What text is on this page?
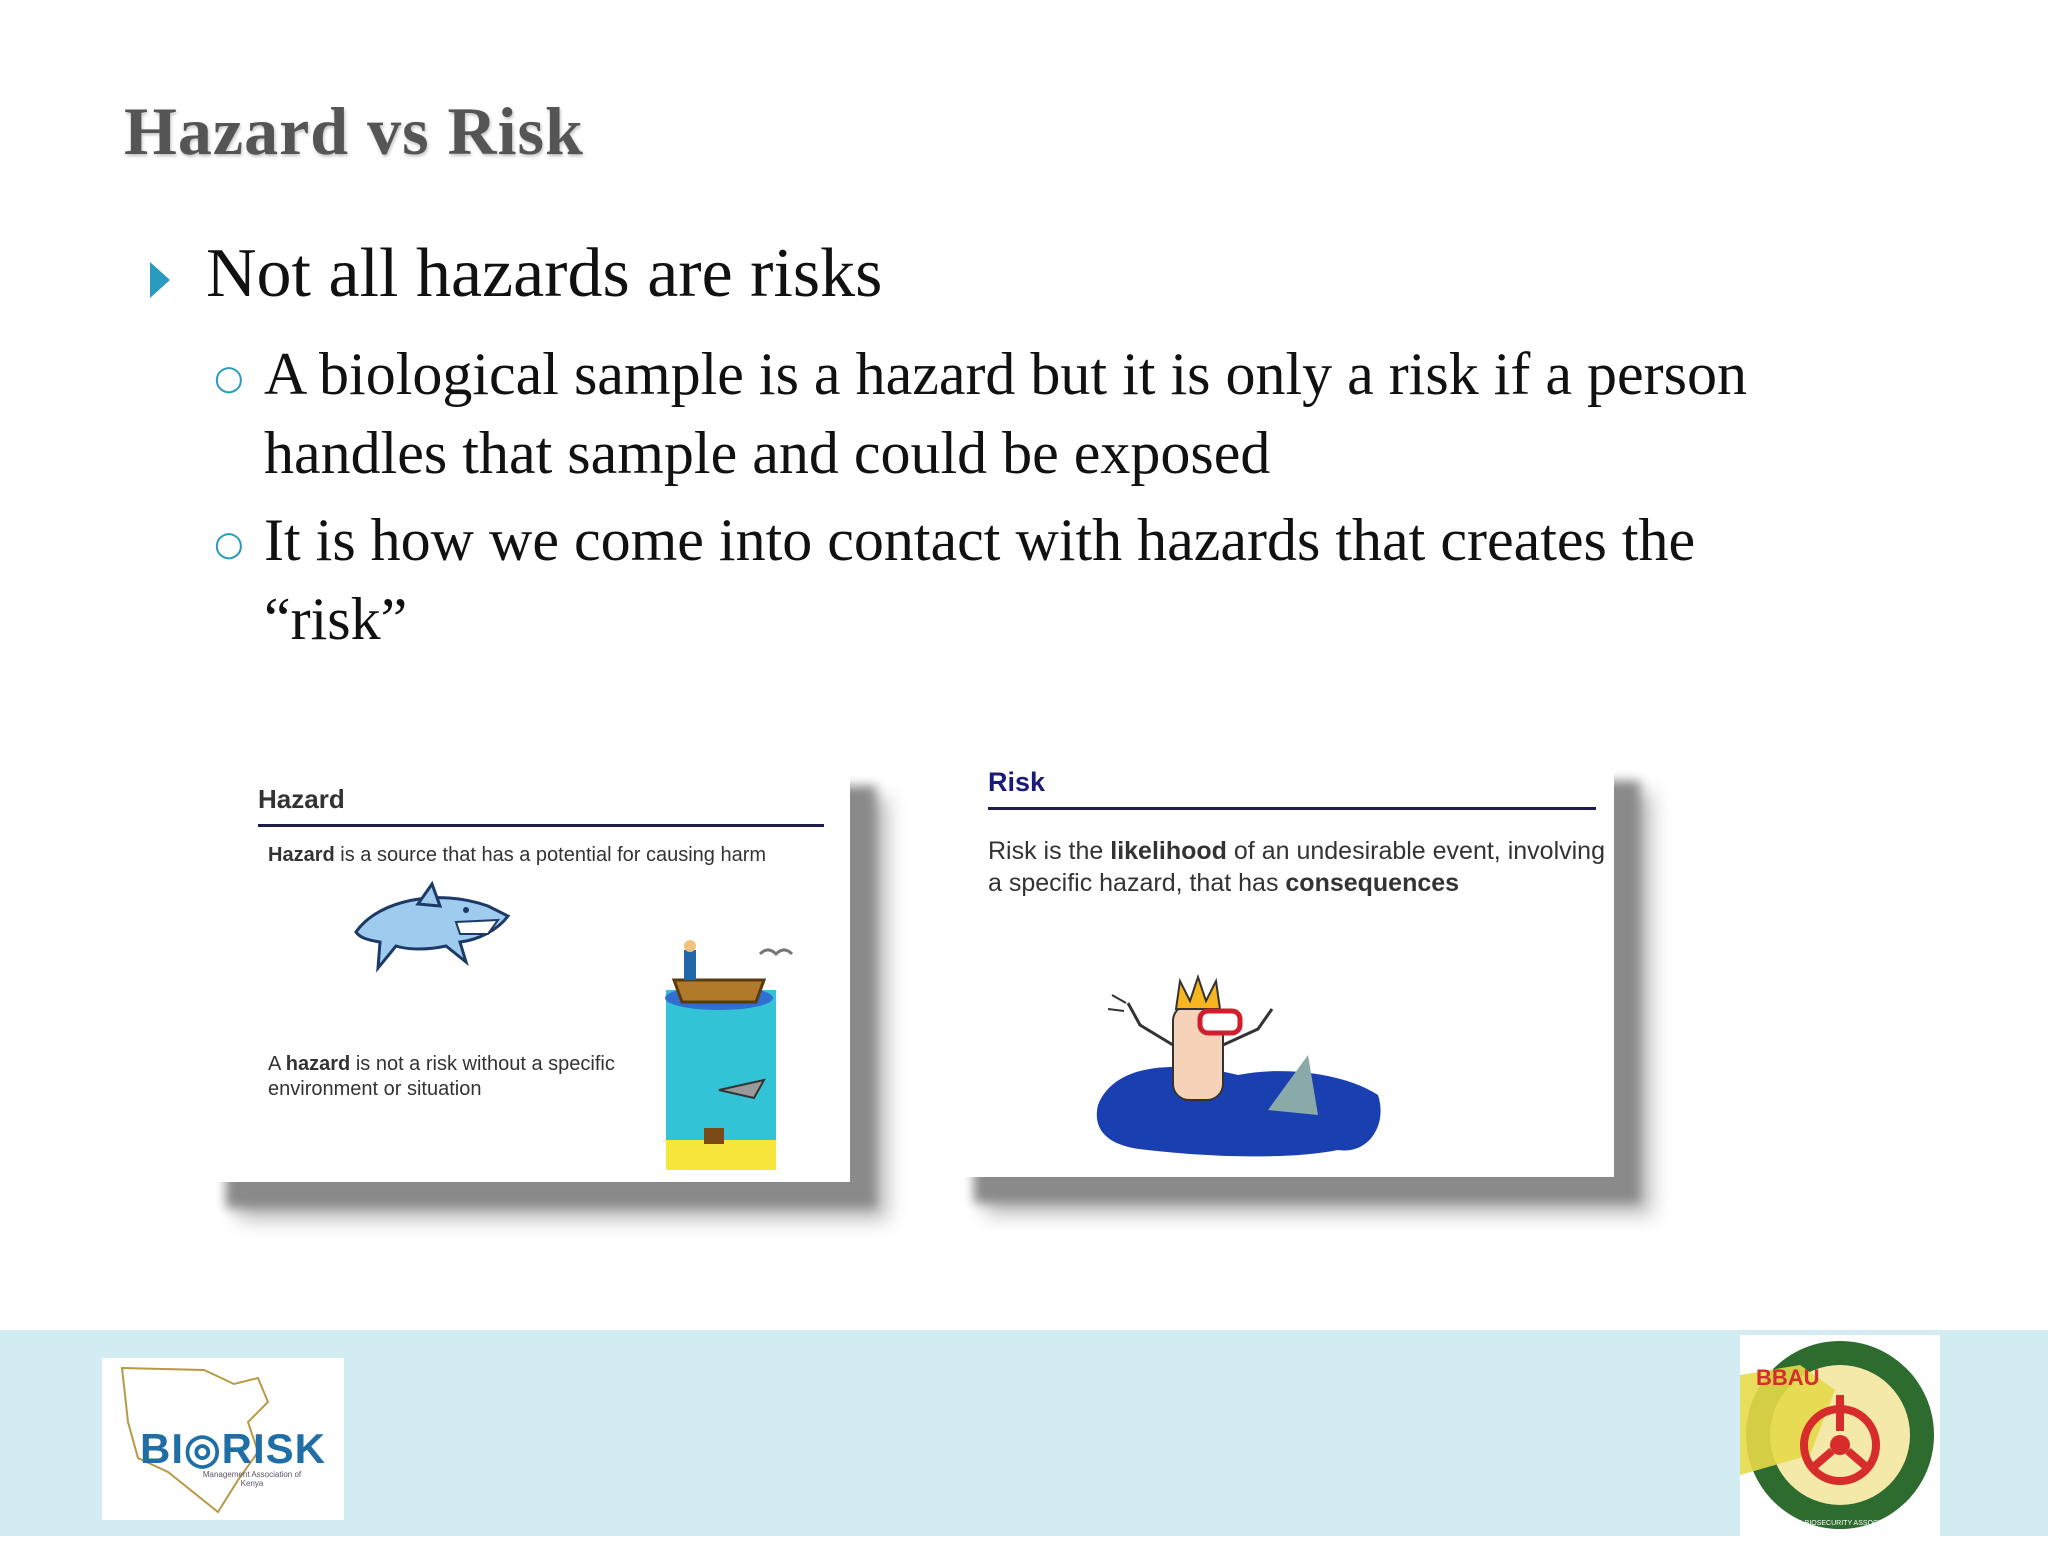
Hazard vs Risk
Not all hazards are risks
○ A biological sample is a hazard but it is only a risk if a person handles that sample and could be exposed
○ It is how we come into contact with hazards that creates the “risk”
Hazard
Hazard is a source that has a potential for causing harm
A hazard is not a risk without a specific environment or situation
Risk
Risk is the likelihood of an undesirable event, involving a specific hazard, that has consequences
BI◎RISK
Management Association of Kenya
BBAU
BIOSAFETY AND BIOSECURITY ASSOCIATION UGANDA
